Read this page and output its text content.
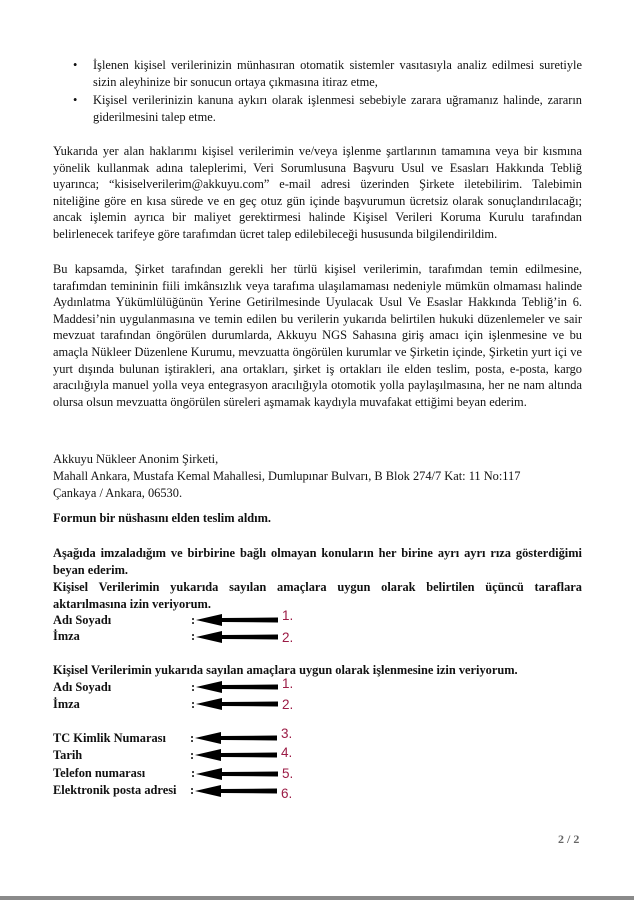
• İşlenen kişisel verilerinizin münhasıran otomatik sistemler vasıtasıyla analiz edilmesi suretiyle sizin aleyhinize bir sonucun ortaya çıkmasına itiraz etme,
• Kişisel verilerinizin kanuna aykırı olarak işlenmesi sebebiyle zarara uğramanız halinde, zararın giderilmesini talep etme.
Yukarıda yer alan haklarımı kişisel verilerimin ve/veya işlenme şartlarının tamamına veya bir kısmına yönelik kullanmak adına taleplerimi, Veri Sorumlusuna Başvuru Usul ve Esasları Hakkında Tebliğ uyarınca; “kisiselverilerim@akkuyu.com” e-mail adresi üzerinden Şirkete iletebilirim. Talebimin niteliğine göre en kısa sürede ve en geç otuz gün içinde başvurumun ücretsiz olarak sonuçlandırılacağı; ancak işlemin ayrıca bir maliyet gerektirmesi halinde Kişisel Verileri Koruma Kurulu tarafından belirlenecek tarifeye göre tarafımdan ücret talep edilebileceği hususunda bilgilendirildim.
Bu kapsamda, Şirket tarafından gerekli her türlü kişisel verilerimin, tarafımdan temin edilmesine, tarafımdan temininin fiili imkânsızlık veya tarafıma ulaşılamaması nedeniyle mümkün olmaması halinde Aydınlatma Yükümlülüğünün Yerine Getirilmesinde Uyulacak Usul Ve Esaslar Hakkında Tebliğ’in 6. Maddesi’nin uygulanmasına ve temin edilen bu verilerin yukarıda belirtilen hukuki düzenlemeler ve sair mevzuat tarafından öngörülen durumlarda, Akkuyu NGS Sahasına giriş amacı için işlenmesine ve bu amaçla Nükleer Düzenlene Kurumu, mevzuatta öngörülen kurumlar ve Şirketin içinde, Şirketin yurt içi ve yurt dışında bulunan iştirakleri, ana ortakları, şirket iş ortakları ile elden teslim, posta, e-posta, kargo aracılığıyla manuel yolla veya entegrasyon aracılığıyla otomotik yolla paylaşılmasına, her ne nam altında olursa olsun mevzuatta öngörülen süreleri aşmamak kaydıyla muvafakat ettiğimi beyan ederim.
Akkuyu Nükleer Anonim Şirketi,
Mahall Ankara, Mustafa Kemal Mahallesi, Dumlupınar Bulvarı, B Blok 274/7 Kat: 11 No:117
Çankaya / Ankara, 06530.
Formun bir nüshasını elden teslim aldım.
Aşağıda imzaladığım ve birbirine bağlı olmayan konuların her birine ayrı ayrı rıza gösterdiğimi beyan ederim.
Kişisel Verilerimin yukarıda sayılan amaçlara uygun olarak belirtilen üçüncü taraflara aktarılmasına izin veriyorum.
Adı Soyadı	:	1.
İmza	:	2.
Kişisel Verilerimin yukarıda sayılan amaçlara uygun olarak işlenmesine izin veriyorum.
Adı Soyadı	:	1.
İmza	:	2.
TC Kimlik Numarası :	3.
Tarih	:	4.
Telefon numarası	:	5.
Elektronik posta adresi :	6.
2 / 2
